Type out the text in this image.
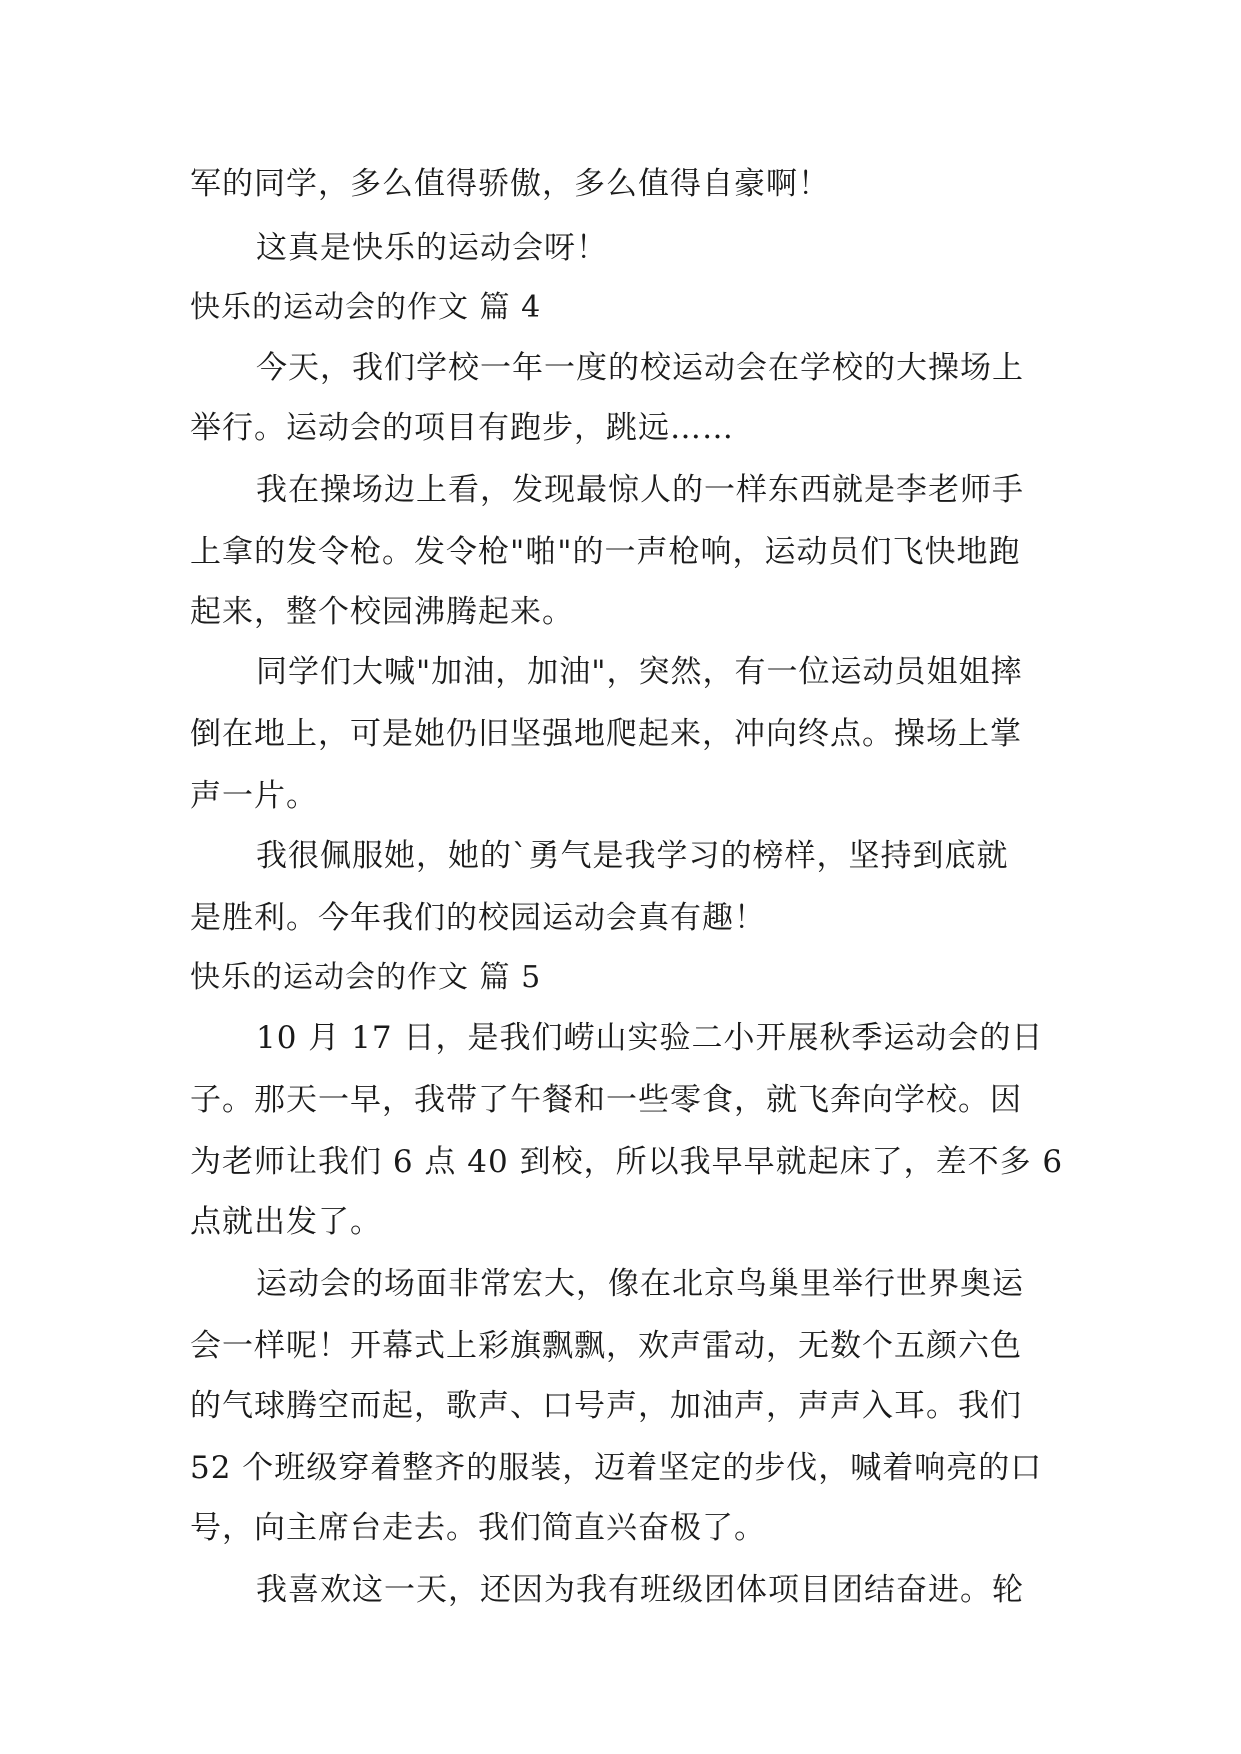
军的同学，多么值得骄傲，多么值得自豪啊！
这真是快乐的运动会呀！
快乐的运动会的作文 篇 4
今天，我们学校一年一度的校运动会在学校的大操场上
举行。运动会的项目有跑步，跳远……
我在操场边上看，发现最惊人的一样东西就是李老师手
上拿的发令枪。发令枪"啪"的一声枪响，运动员们飞快地跑
起来，整个校园沸腾起来。
同学们大喊"加油，加油"，突然，有一位运动员姐姐摔
倒在地上，可是她仍旧坚强地爬起来，冲向终点。操场上掌
声一片。
我很佩服她，她的`勇气是我学习的榜样，坚持到底就
是胜利。今年我们的校园运动会真有趣！
快乐的运动会的作文 篇 5
10 月 17 日，是我们崂山实验二小开展秋季运动会的日
子。那天一早，我带了午餐和一些零食，就飞奔向学校。因
为老师让我们 6 点 40 到校，所以我早早就起床了，差不多 6
点就出发了。
运动会的场面非常宏大，像在北京鸟巢里举行世界奥运
会一样呢！开幕式上彩旗飘飘，欢声雷动，无数个五颜六色
的气球腾空而起，歌声、口号声，加油声，声声入耳。我们
52 个班级穿着整齐的服装，迈着坚定的步伐，喊着响亮的口
号，向主席台走去。我们简直兴奋极了。
我喜欢这一天，还因为我有班级团体项目团结奋进。轮
